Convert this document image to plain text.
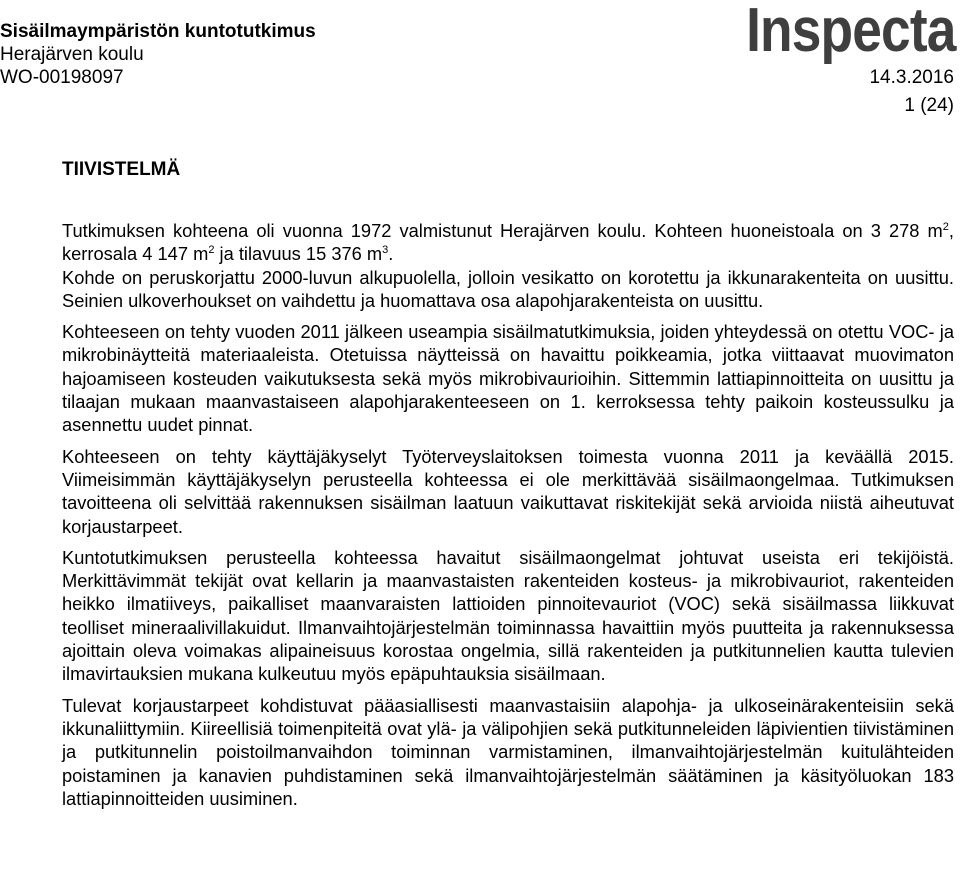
Sisäilmaympäristön kuntotutkimus
Herajärven koulu
WO-00198097
Inspecta
14.3.2016
1 (24)
TIIVISTELMÄ

Tutkimuksen kohteena oli vuonna 1972 valmistunut Herajärven koulu. Kohteen huoneistoala on 3 278 $m^2$, kerrosala 4 147 $m^2$ ja tilavuus 15 376 $m^3$.

Kohde on peruskorjattu 2000-luvun alkupuolella, jolloin vesikatto on korotettu ja ikkunarakenteita on uusittu. Seinien ulkoverhoukset on vaihdettu ja huomattava osa alapohjarakenteista on uusittu.

Kohteeseen on tehty vuoden 2011 jälkeen useampia sisäilmatutkimuksia, joiden yhteydessä on otettu VOC- ja mikrobinäytteitä materiaaleista. Otetuissa näytteissä on havaittu poikkeamia, jotka viittaavat muovimaton hajoamiseen kosteuden vaikutuksesta sekä myös mikrobivaurioihin. Sittemmin lattiapinnoitteita on uusittu ja tilaajan mukaan maanvastaiseen alapohjarakenteeseen on 1. kerroksessa tehty paikoin kosteussulku ja asennettu uudet pinnat.

Kohteeseen on tehty käyttäjäkyselyt Työterveyslaitoksen toimesta vuonna 2011 ja keväällä 2015. Viimeisimmän käyttäjäkyselyn perusteella kohteessa ei ole merkittävää sisäilmaongelmaa. Tutkimuksen tavoitteena oli selvittää rakennuksen sisäilman laatuun vaikuttavat riskitekijät sekä arvioida niistä aiheutuvat korjaustarpeet.

Kuntotutkimuksen perusteella kohteessa havaitut sisäilmaongelmat johtuvat useista eri tekijöistä. Merkittävimmät tekijät ovat kellarin ja maanvastaisten rakenteiden kosteus- ja mikrobivauriot, rakenteiden heikko ilmatiiveys, paikalliset maanvaraisten lattioiden pinnoitevauriot (VOC) sekä sisäilmassa liikkuvat teolliset mineraalivillakuidut. Ilmanvaihtojärjestelmän toiminnassa havaittiin myös puutteita ja rakennuksessa ajoittain oleva voimakas alipaineisuus korostaa ongelmia, sillä rakenteiden ja putkitunnelien kautta tulevien ilmavirtauksien mukana kulkeutuu myös epäpuhtauksia sisäilmaan.

Tulevat korjaustarpeet kohdistuvat pääasiallisesti maanvastaisiin alapohja- ja ulkoseinärakenteisiin sekä ikkunaliittymiin. Kiireellisiä toimenpiteitä ovat ylä- ja välipohjien sekä putkitunneleiden läpivientien tiivistäminen ja putkitunnelin poistoilmanvaihdon toiminnan varmistaminen, ilmanvaihtojärjestelmän kuitulähteiden poistaminen ja kanavien puhdistaminen sekä ilmanvaihtojärjestelmän säätäminen ja käsityöluokan 183 lattiapinnoitteiden uusiminen.
